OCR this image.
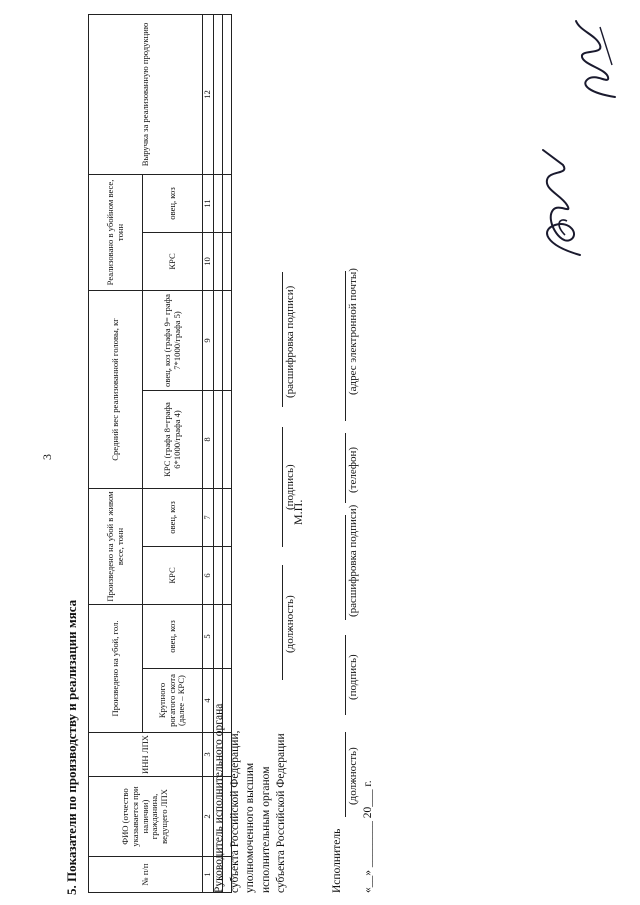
3
5. Показатели по производству и реализации мяса	№ п/п	ФИО (отчество указывается при наличии) гражданина, ведущего ЛПХ	ИНН ЛПХ	Произведено на убой, гол.		Произведено на убой в живом весе, тонн		Средний вес реализованной головы, кг		Реализовано в убойном весе, тонн		Выручка за реализованную продукцию
			Крупного рогатого скота (далее – КРС)	овец, коз	КРС	овец, коз	КРС (графа 8=графа 6*1000/графа 4)	овец, коз (графа 9= графа 7*1000/графа 5)	КРС	овец, коз	
1	2	3	4	5	6	7	8	9	10	11	12

Руководитель исполнительного органа субъекта Российской Федерации, уполномоченного высшим исполнительным органом субъекта Российской Федерации
(должность)
(подпись)
(расшифровка подписи)
М.П.
Исполнитель
(должность)
(подпись)
(расшифровка подписи)
(телефон)
(адрес электронной почты)
«__» ________ 20___ г.
